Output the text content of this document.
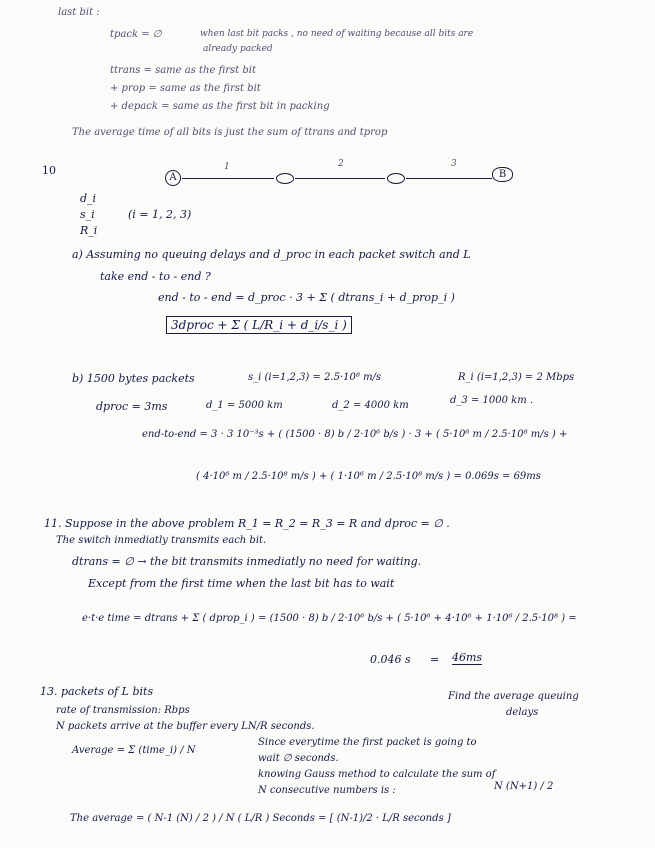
last bit :
tpack = ∅	when last bit packs , no need of waiting because all bits are
already packed
ttrans = same as the first bit
+ prop = same as the first bit
+ depack = same as the first bit in packing
The average time of all bits is just the sum of ttrans and tprop
10
A
1	2	3
B
d_i
s_i
R_i
(i = 1, 2, 3)
a) Assuming no queuing delays and d_proc in each packet switch and L
take end - to - end ?
end - to - end = d_proc · 3 + Σ ( dtrans_i + d_prop_i )
3dproc + Σ ( L/R_i + d_i/s_i )
b) 1500 bytes packets	s_i (i=1,2,3) = 2.5·10⁸ m/s	R_i (i=1,2,3) = 2 Mbps
dproc = 3ms	d_1 = 5000 km	d_2 = 4000 km	d_3 = 1000 km .
end-to-end = 3 · 3 10⁻³s + ( (1500 · 8) b / 2·10⁶ b/s ) · 3 + ( 5·10⁶ m / 2.5·10⁸ m/s ) +
( 4·10⁶ m / 2.5·10⁸ m/s ) + ( 1·10⁶ m / 2.5·10⁸ m/s ) = 0.069s = 69ms
11. Suppose in the above problem R_1 = R_2 = R_3 = R and dproc = ∅ .
The switch inmediatly transmits each bit.
dtrans = ∅ → the bit transmits inmediatly no need for waiting.
Except from the first time when the last bit has to wait
e·t·e time = dtrans + Σ ( dprop_i ) = (1500 · 8) b / 2·10⁶ b/s + ( 5·10⁶ + 4·10⁶ + 1·10⁶ / 2.5·10⁸ ) =
0.046 s = 46ms
13. packets of L bits
rate of transmission: Rbps
Find the average queuing
delays
N packets arrive at the buffer every LN/R seconds.
Average = Σ (time_i) / N
Since everytime the first packet is going to
wait ∅ seconds.
knowing Gauss method to calculate the sum of
N consecutive numbers is :	N (N+1) / 2
The average = ( N-1 (N) / 2 ) / N ( L/R ) Seconds = [ (N-1)/2 · L/R seconds ]
